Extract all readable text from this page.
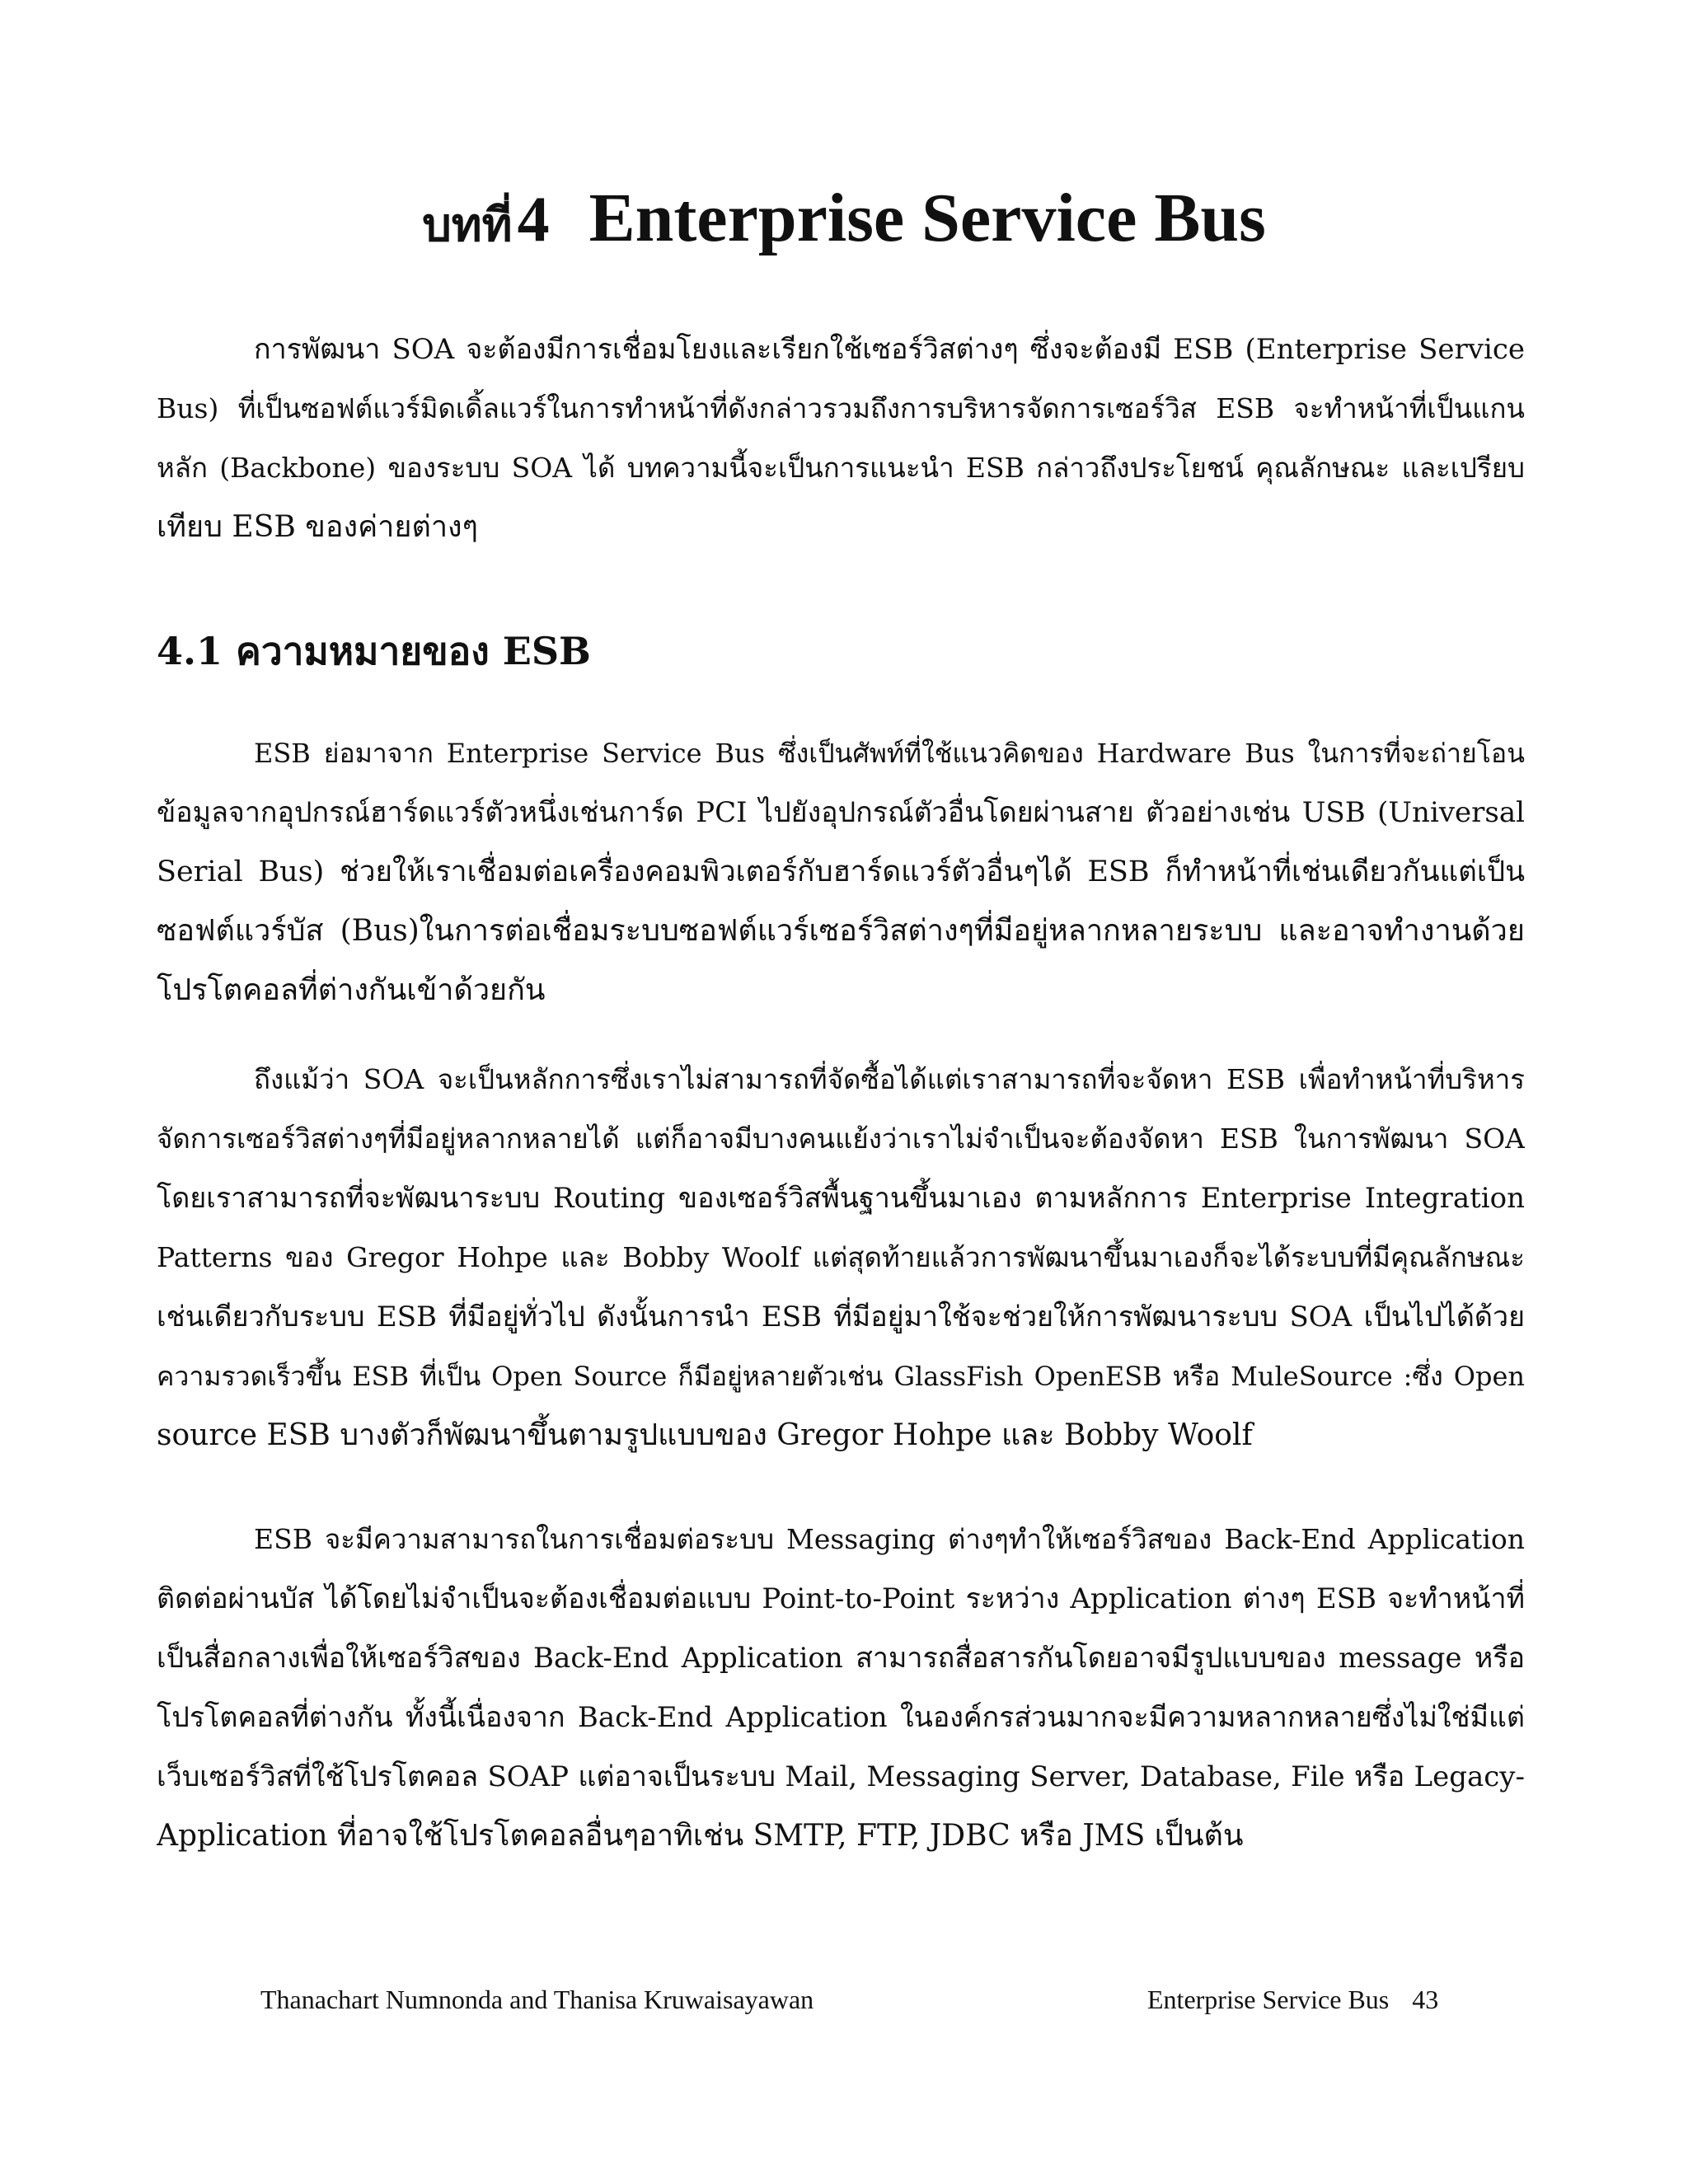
บทที่4 Enterprise Service Bus
การพัฒนา SOA จะต้องมีการเชื่อมโยงและเรียกใช้เซอร์วิสต่างๆ ซึ่งจะต้องมี ESB (Enterprise Service
Bus) ที่เป็นซอฟต์แวร์มิดเดิ้ลแวร์ในการทำหน้าที่ดังกล่าวรวมถึงการบริหารจัดการเซอร์วิส ESB จะทำหน้าที่เป็นแกน
หลัก (Backbone) ของระบบ SOA ได้ บทความนี้จะเป็นการแนะนำ ESB กล่าวถึงประโยชน์ คุณลักษณะ และเปรียบ
เทียบ ESB ของค่ายต่างๆ
4.1 ความหมายของ ESB
ESB ย่อมาจาก Enterprise Service Bus ซึ่งเป็นศัพท์ที่ใช้แนวคิดของ Hardware Bus ในการที่จะถ่ายโอน
ข้อมูลจากอุปกรณ์ฮาร์ดแวร์ตัวหนึ่งเช่นการ์ด PCI ไปยังอุปกรณ์ตัวอื่นโดยผ่านสาย ตัวอย่างเช่น USB (Universal
Serial Bus) ช่วยให้เราเชื่อมต่อเครื่องคอมพิวเตอร์กับฮาร์ดแวร์ตัวอื่นๆได้ ESB ก็ทำหน้าที่เช่นเดียวกันแต่เป็น
ซอฟต์แวร์บัส (Bus)ในการต่อเชื่อมระบบซอฟต์แวร์เซอร์วิสต่างๆที่มีอยู่หลากหลายระบบ และอาจทำงานด้วย
โปรโตคอลที่ต่างกันเข้าด้วยกัน
ถึงแม้ว่า SOA จะเป็นหลักการซึ่งเราไม่สามารถที่จัดซื้อได้แต่เราสามารถที่จะจัดหา ESB เพื่อทำหน้าที่บริหาร
จัดการเซอร์วิสต่างๆที่มีอยู่หลากหลายได้ แต่ก็อาจมีบางคนแย้งว่าเราไม่จำเป็นจะต้องจัดหา ESB ในการพัฒนา SOA
โดยเราสามารถที่จะพัฒนาระบบ Routing ของเซอร์วิสพื้นฐานขึ้นมาเอง ตามหลักการ Enterprise Integration
Patterns ของ Gregor Hohpe และ Bobby Woolf แต่สุดท้ายแล้วการพัฒนาขึ้นมาเองก็จะได้ระบบที่มีคุณลักษณะ
เช่นเดียวกับระบบ ESB ที่มีอยู่ทั่วไป ดังนั้นการนำ ESB ที่มีอยู่มาใช้จะช่วยให้การพัฒนาระบบ SOA เป็นไปได้ด้วย
ความรวดเร็วขึ้น ESB ที่เป็น Open Source ก็มีอยู่หลายตัวเช่น GlassFish OpenESB หรือ MuleSource :ซึ่ง Open
source ESB บางตัวก็พัฒนาขึ้นตามรูปแบบของ Gregor Hohpe และ Bobby Woolf
ESB จะมีความสามารถในการเชื่อมต่อระบบ Messaging ต่างๆทำให้เซอร์วิสของ Back-End Application
ติดต่อผ่านบัส ได้โดยไม่จำเป็นจะต้องเชื่อมต่อแบบ Point-to-Point ระหว่าง Application ต่างๆ ESB จะทำหน้าที่
เป็นสื่อกลางเพื่อให้เซอร์วิสของ Back-End Application สามารถสื่อสารกันโดยอาจมีรูปแบบของ message หรือ
โปรโตคอลที่ต่างกัน ทั้งนี้เนื่องจาก Back-End Application ในองค์กรส่วนมากจะมีความหลากหลายซึ่งไม่ใช่มีแต่
เว็บเซอร์วิสที่ใช้โปรโตคอล SOAP แต่อาจเป็นระบบ Mail, Messaging Server, Database, File หรือ Legacy-
Application ที่อาจใช้โปรโตคอลอื่นๆอาทิเช่น SMTP, FTP, JDBC หรือ JMS เป็นต้น
Thanachart Numnonda and Thanisa Kruwaisayawan	Enterprise Service Bus 43
